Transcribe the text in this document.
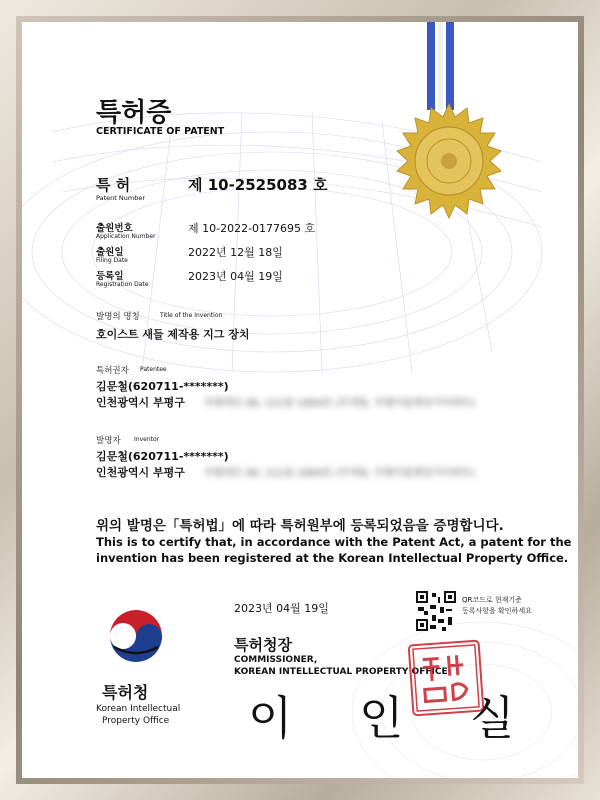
특허증
CERTIFICATE OF PATENT
특 허
Patent Number
제 10-2525083 호
출원번호
Application Number
제 10-2022-0177695 호
출원일
Filing Date
2022년 12월 18일
등록일
Registration Date
2023년 04월 19일
발명의 명칭	Title of the Invention
호이스트 새들 제작용 지그 장치
특허권자 Patentee
김문철(620711-*******)
인천광역시 부평구 부평대로 00, 111동 1004호 (부개동, 부평아울렛상가아파트)
발명자 Inventor
김문철(620711-*******)
인천광역시 부평구 부평대로 00, 111동 1004호 (부개동, 부평아울렛상가아파트)
위의 발명은「특허법」에 따라 특허원부에 등록되었음을 증명합니다.
This is to certify that, in accordance with the Patent Act, a patent for the
invention has been registered at the Korean Intellectual Property Office.
2023년 04월 19일
QR코드로 현재기준
등록사항을 확인하세요
특허청장
COMMISSIONER,
KOREAN INTELLECTUAL PROPERTY OFFICE
이 인 실
특허청
Korean Intellectual
Property Office
